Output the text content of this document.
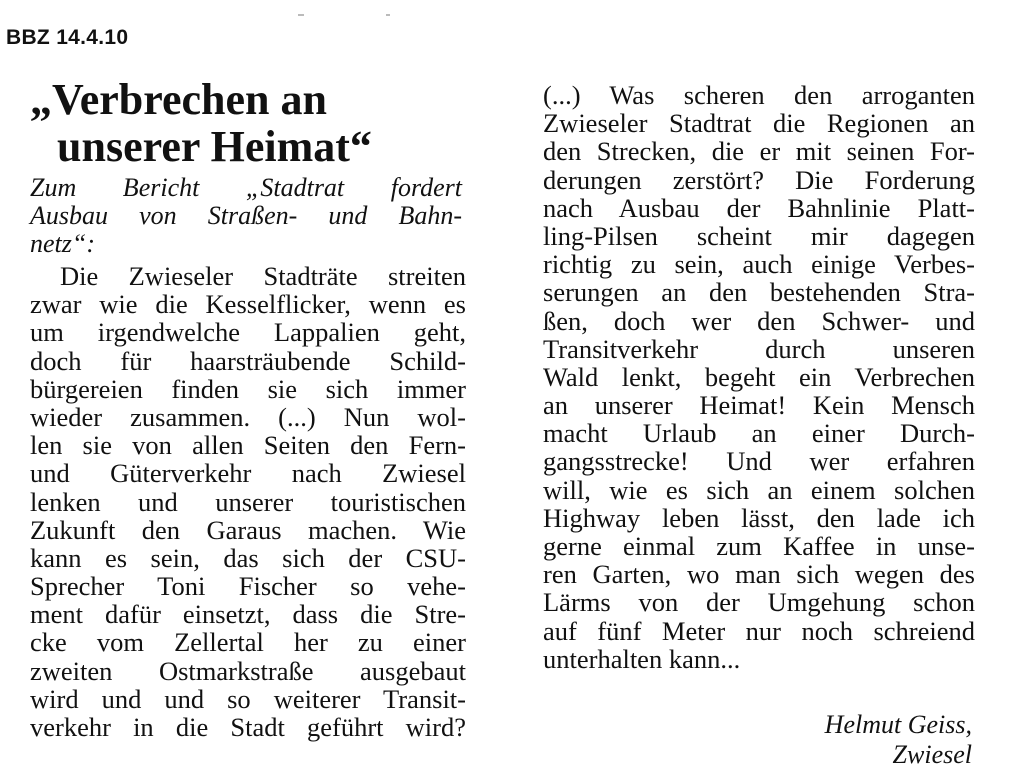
BBZ 14.4.10
„Verbrechen an
unserer Heimat“
Zum Bericht „Stadtrat fordert
Ausbau von Straßen- und Bahn-
netz“:
Die Zwieseler Stadträte streiten
zwar wie die Kesselflicker, wenn es
um irgendwelche Lappalien geht,
doch für haarsträubende Schild-
bürgereien finden sie sich immer
wieder zusammen. (...) Nun wol-
len sie von allen Seiten den Fern-
und Güterverkehr nach Zwiesel
lenken und unserer touristischen
Zukunft den Garaus machen. Wie
kann es sein, das sich der CSU-
Sprecher Toni Fischer so vehe-
ment dafür einsetzt, dass die Stre-
cke vom Zellertal her zu einer
zweiten Ostmarkstraße ausgebaut
wird und und so weiterer Transit-
verkehr in die Stadt geführt wird?
(...) Was scheren den arroganten
Zwieseler Stadtrat die Regionen an
den Strecken, die er mit seinen For-
derungen zerstört? Die Forderung
nach Ausbau der Bahnlinie Platt-
ling-Pilsen scheint mir dagegen
richtig zu sein, auch einige Verbes-
serungen an den bestehenden Stra-
ßen, doch wer den Schwer- und
Transitverkehr durch unseren
Wald lenkt, begeht ein Verbrechen
an unserer Heimat! Kein Mensch
macht Urlaub an einer Durch-
gangsstrecke! Und wer erfahren
will, wie es sich an einem solchen
Highway leben lässt, den lade ich
gerne einmal zum Kaffee in unse-
ren Garten, wo man sich wegen des
Lärms von der Umgehung schon
auf fünf Meter nur noch schreiend
unterhalten kann...
Helmut Geiss,
Zwiesel
